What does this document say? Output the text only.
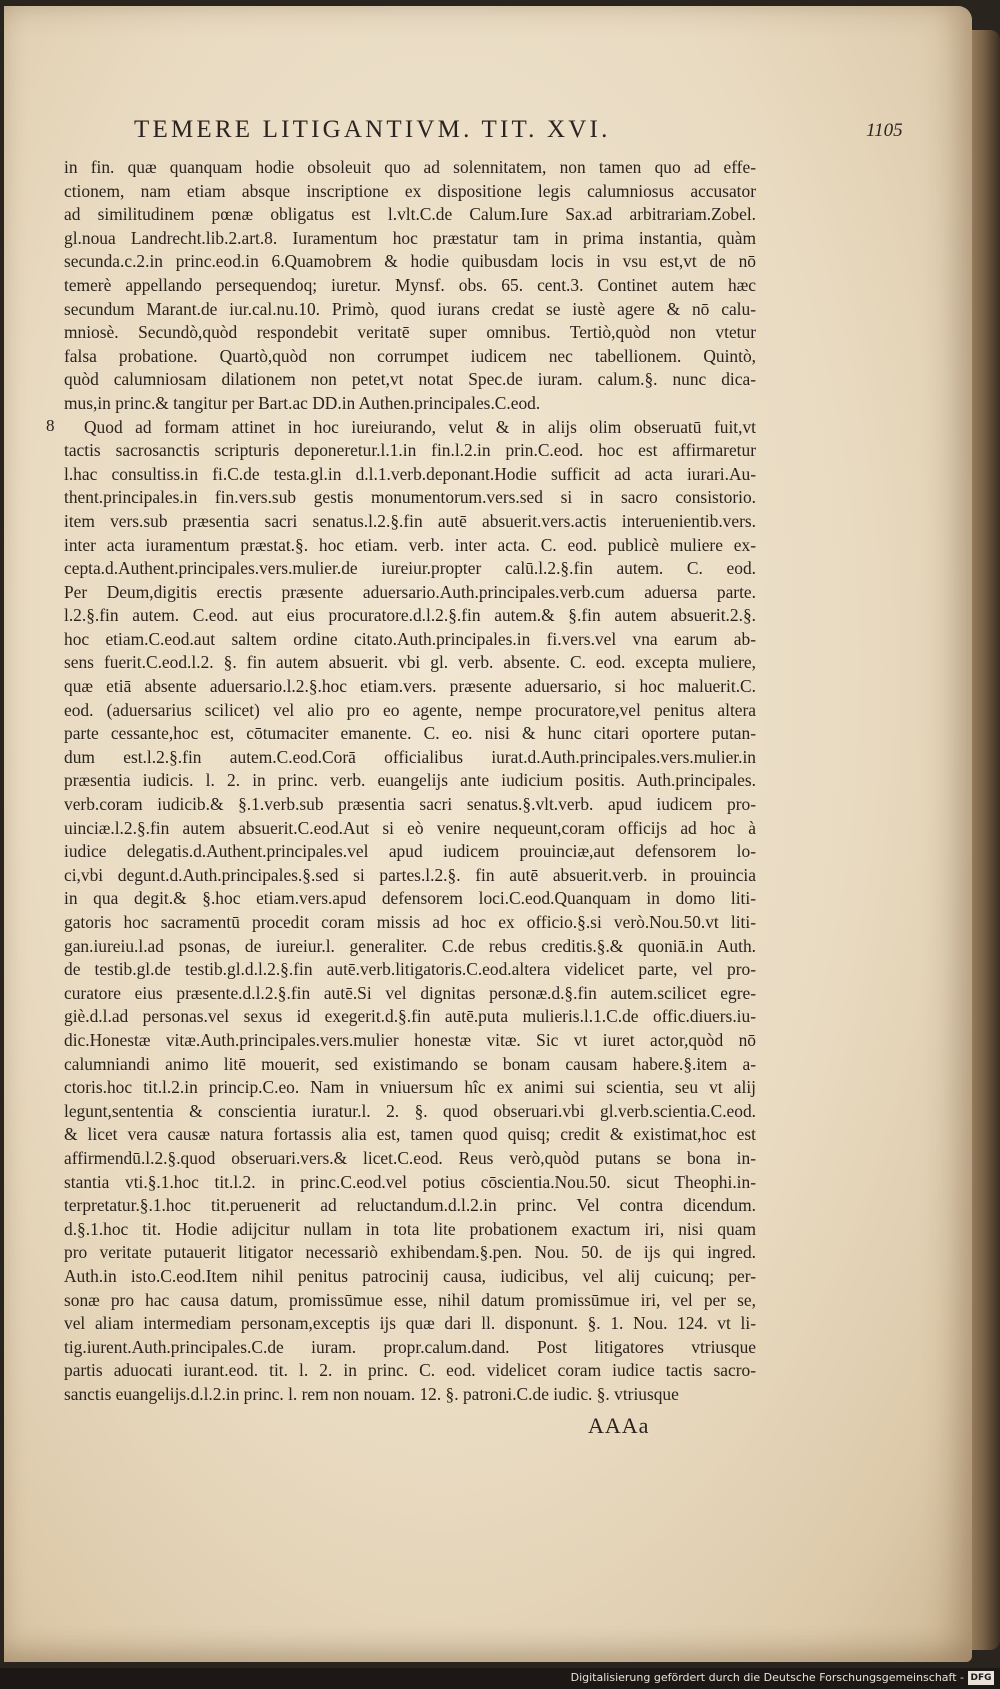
TEMERE LITIGANTIVM. TIT. XVI.	1105
8
in fin. quæ quanquam hodie obsoleuit quo ad solennitatem, non tamen quo ad effe-
ctionem, nam etiam absque inscriptione ex dispositione legis calumniosus accusator
ad similitudinem pœnæ obligatus est l.vlt.C.de Calum.Iure Sax.ad arbitrariam.Zobel.
gl.noua Landrecht.lib.2.art.8. Iuramentum hoc præstatur tam in prima instantia, quàm
secunda.c.2.in princ.eod.in 6.Quamobrem & hodie quibusdam locis in vsu est,vt de nō
temerè appellando persequendoq; iuretur. Mynsf. obs. 65. cent.3. Continet autem hæc
secundum Marant.de iur.cal.nu.10. Primò, quod iurans credat se iustè agere & nō calu-
mniosè. Secundò,quòd respondebit veritatē super omnibus. Tertiò,quòd non vtetur
falsa probatione. Quartò,quòd non corrumpet iudicem nec tabellionem. Quintò,
quòd calumniosam dilationem non petet,vt notat Spec.de iuram. calum.§. nunc dica-
mus,in princ.& tangitur per Bart.ac DD.in Authen.principales.C.eod.
Quod ad formam attinet in hoc iureiurando, velut & in alijs olim obseruatū fuit,vt
tactis sacrosanctis scripturis deponeretur.l.1.in fin.l.2.in prin.C.eod. hoc est affirmaretur
l.hac consultiss.in fi.C.de testa.gl.in d.l.1.verb.deponant.Hodie sufficit ad acta iurari.Au-
thent.principales.in fin.vers.sub gestis monumentorum.vers.sed si in sacro consistorio.
item vers.sub præsentia sacri senatus.l.2.§.fin autē absuerit.vers.actis interuenientib.vers.
inter acta iuramentum præstat.§. hoc etiam. verb. inter acta. C. eod. publicè muliere ex-
cepta.d.Authent.principales.vers.mulier.de iureiur.propter calū.l.2.§.fin autem. C. eod.
Per Deum,digitis erectis præsente aduersario.Auth.principales.verb.cum aduersa parte.
l.2.§.fin autem. C.eod. aut eius procuratore.d.l.2.§.fin autem.& §.fin autem absuerit.2.§.
hoc etiam.C.eod.aut saltem ordine citato.Auth.principales.in fi.vers.vel vna earum ab-
sens fuerit.C.eod.l.2. §. fin autem absuerit. vbi gl. verb. absente. C. eod. excepta muliere,
quæ etiā absente aduersario.l.2.§.hoc etiam.vers. præsente aduersario, si hoc maluerit.C.
eod. (aduersarius scilicet) vel alio pro eo agente, nempe procuratore,vel penitus altera
parte cessante,hoc est, cōtumaciter emanente. C. eo. nisi & hunc citari oportere putan-
dum est.l.2.§.fin autem.C.eod.Corā officialibus iurat.d.Auth.principales.vers.mulier.in
præsentia iudicis. l. 2. in princ. verb. euangelijs ante iudicium positis. Auth.principales.
verb.coram iudicib.& §.1.verb.sub præsentia sacri senatus.§.vlt.verb. apud iudicem pro-
uinciæ.l.2.§.fin autem absuerit.C.eod.Aut si eò venire nequeunt,coram officijs ad hoc à
iudice delegatis.d.Authent.principales.vel apud iudicem prouinciæ,aut defensorem lo-
ci,vbi degunt.d.Auth.principales.§.sed si partes.l.2.§. fin autē absuerit.verb. in prouincia
in qua degit.& §.hoc etiam.vers.apud defensorem loci.C.eod.Quanquam in domo liti-
gatoris hoc sacramentū procedit coram missis ad hoc ex officio.§.si verò.Nou.50.vt liti-
gan.iureiu.l.ad psonas, de iureiur.l. generaliter. C.de rebus creditis.§.& quoniā.in Auth.
de testib.gl.de testib.gl.d.l.2.§.fin autē.verb.litigatoris.C.eod.altera videlicet parte, vel pro-
curatore eius præsente.d.l.2.§.fin autē.Si vel dignitas personæ.d.§.fin autem.scilicet egre-
giè.d.l.ad personas.vel sexus id exegerit.d.§.fin autē.puta mulieris.l.1.C.de offic.diuers.iu-
dic.Honestæ vitæ.Auth.principales.vers.mulier honestæ vitæ. Sic vt iuret actor,quòd nō
calumniandi animo litē mouerit, sed existimando se bonam causam habere.§.item a-
ctoris.hoc tit.l.2.in princip.C.eo. Nam in vniuersum hîc ex animi sui scientia, seu vt alij
legunt,sententia & conscientia iuratur.l. 2. §. quod obseruari.vbi gl.verb.scientia.C.eod.
& licet vera causæ natura fortassis alia est, tamen quod quisq; credit & existimat,hoc est
affirmendū.l.2.§.quod obseruari.vers.& licet.C.eod. Reus verò,quòd putans se bona in-
stantia vti.§.1.hoc tit.l.2. in princ.C.eod.vel potius cōscientia.Nou.50. sicut Theophi.in-
terpretatur.§.1.hoc tit.peruenerit ad reluctandum.d.l.2.in princ. Vel contra dicendum.
d.§.1.hoc tit. Hodie adijcitur nullam in tota lite probationem exactum iri, nisi quam
pro veritate putauerit litigator necessariò exhibendam.§.pen. Nou. 50. de ijs qui ingred.
Auth.in isto.C.eod.Item nihil penitus patrocinij causa, iudicibus, vel alij cuicunq; per-
sonæ pro hac causa datum, promissūmue esse, nihil datum promissūmue iri, vel per se,
vel aliam intermediam personam,exceptis ijs quæ dari ll. disponunt. §. 1. Nou. 124. vt li-
tig.iurent.Auth.principales.C.de iuram. propr.calum.dand. Post litigatores vtriusque
partis aduocati iurant.eod. tit. l. 2. in princ. C. eod. videlicet coram iudice tactis sacro-
sanctis euangelijs.d.l.2.in princ. l. rem non nouam. 12. §. patroni.C.de iudic. §. vtriusque
AAAa
Digitalisierung gefördert durch die Deutsche Forschungsgemeinschaft - DFG
